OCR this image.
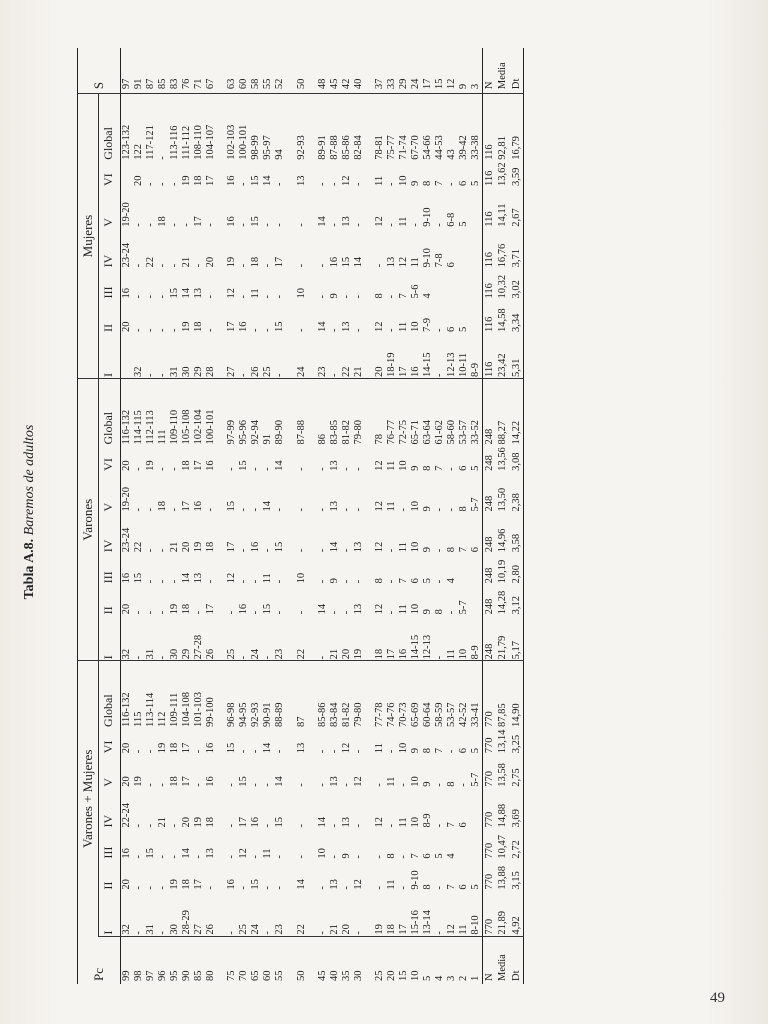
Tabla A.8. Baremos de adultos
Pc	Varones + Mujeres							Varones							Mujeres							S
	I	II	III	IV	V	VI	Global	I	II	III	IV	V	VI	Global	I	II	III	IV	V	VI	Global	
99	32	20	16	22-24	20	20	116-132	32	20	16	23-24	19-20	20	116-132		20	16	23-24	19-20		123-132	97
98	-	-	-	-	19	-	115	-	-	15	22	-	-	114-115	32	-	-	-	-	20	122	91
97	31	-	15	-	-	-	113-114	31	-	-	-	-	19	112-113	-	-	-	22	-	-	117-121	87
96	-	-	-	21	-	19	112	-	-	-	-	18	-	111	-	-	-	-	18	-	-	85
95	30	19	-	-	18	18	109-111	30	19	-	21	-	-	109-110	31	-	15	-	-	-	113-116	83
90	28-29	18	14	20	17	17	104-108	29	18	14	20	17	18	105-108	30	19	14	21	-	19	111-112	76
85	27	17	-	19	-	-	101-103	27-28	-	13	19	16	17	102-104	29	18	13	-	17	18	108-110	71
80	26	-	13	18	16	16	99-100	26	17	-	18	-	16	100-101	28	-	-	20	-	17	104-107	67
75	-	16	-	-	-	15	96-98	25	-	12	17	15	-	97-99	27	17	12	19	16	16	102-103	63
70	25	-	12	17	15	-	94-95	-	16	-	-	-	15	95-96	-	16	-	-	-	-	100-101	60
65	24	15	-	16	-	-	92-93	24	-	-	16	-	-	92-94	26	-	11	18	15	15	98-99	58
60	-	-	11	-	-	14	90-91	-	15	11	-	14	-	91	25	-	-	-	-	14	95-97	55
55	23	-	-	15	14	-	88-89	23	-	-	15	-	14	89-90	-	15	-	17	-	-	94	52
50	22	14	-	-	-	13	87	22	-	10	-	-	-	87-88	24	-	10	-	-	13	92-93	50
45	-	-	10	14	-	-	85-86	-	14	-	-	-	-	86	23	14	-	-	14	-	89-91	48
40	21	13	-	-	13	-	83-84	21	-	9	14	13	13	83-85	-	-	9	16	-	-	87-88	45
35	20	-	9	13	-	12	81-82	20	-	-	-	-	-	81-82	22	13	-	15	13	12	85-86	42
30	-	12	-	-	12	-	79-80	19	13	-	13	-	-	79-80	21	-	-	14	-	-	82-84	40
25	19	-	-	12	-	11	77-78	18	12	8	12	12	12	78	20	12	8	-	12	11	78-81	37
20	18	11	8	-	11	-	74-76	17	-	-	-	11	11	76-77	18-19	-	-	13	-	-	75-77	33
15	17	-	-	11	-	10	70-73	16	11	7	11	-	10	72-75	17	11	7	12	11	10	71-74	29
10	15-16	9-10	7	10	10	9	65-69	14-15	10	6	10	10	9	65-71	16	10	5-6	11	-	9	67-70	24
5	13-14	8	6	8-9	9	8	60-64	12-13	9	5	9	9	8	63-64	14-15	7-9	4	9-10	9-10	8	54-66	17
4	-	-	5	-	-	7	58-59	-	8	-	-	-	7	61-62	-	-		7-8	-	7	44-53	15
3	12	7	4	7	8	-	53-57	11	-	4	8	-	-	58-60	12-13	6		6	6-8	-	43	12
2	11	6		6	-	6	42-52	10	5-7		7	8	6	53-57	10-11	5			5	6	39-42	9
1	8-10	5			5-7	5	33-41	8-9			6	5-7	5	33-52	8-9					5	33-38	3
N	770	770	770	770	770	770	770	248	248	248	248	248	248	248	116	116	116	116	116	116	116	N
Media	21,89	13,88	10,47	14,88	13,58	13,14	87,85	21,79	14,28	10,19	14,96	13,50	13,56	88,27	23,42	14,58	10,32	16,76	14,11	13,62	92,81	Media
Dt	4,92	3,15	2,72	3,69	2,75	3,25	14,90	5,17	3,12	2,80	3,58	2,38	3,08	14,22	5,31	3,34	3,02	3,71	2,67	3,59	16,79	Dt
49
